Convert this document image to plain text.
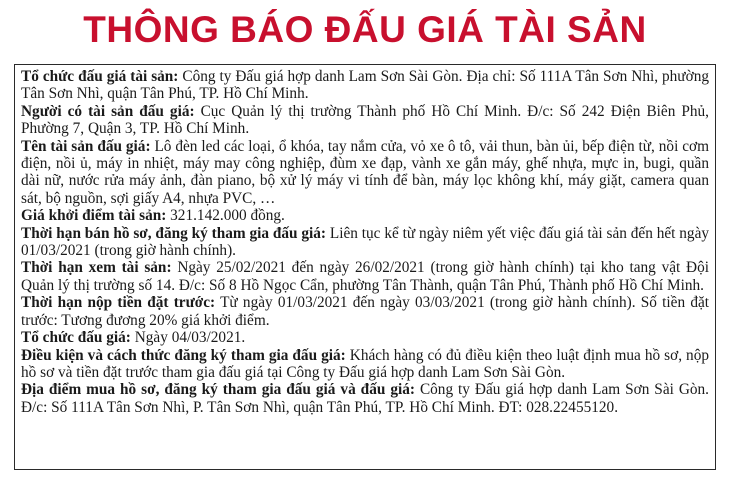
THÔNG BÁO ĐẤU GIÁ TÀI SẢN

Tổ chức đấu giá tài sản: Công ty Đấu giá hợp danh Lam Sơn Sài Gòn. Địa chỉ: Số 111A Tân Sơn Nhì, phường Tân Sơn Nhì, quận Tân Phú, TP. Hồ Chí Minh.

Người có tài sản đấu giá: Cục Quản lý thị trường Thành phố Hồ Chí Minh. Đ/c: Số 242 Điện Biên Phủ, Phường 7, Quận 3, TP. Hồ Chí Minh.

Tên tài sản đấu giá: Lô đèn led các loại, ổ khóa, tay nắm cửa, vỏ xe ô tô, vải thun, bàn ủi, bếp điện từ, nồi cơm điện, nồi ủ, máy in nhiệt, máy may công nghiệp, đùm xe đạp, vành xe gắn máy, ghế nhựa, mực in, bugi, quần dài nữ, nước rửa máy ảnh, đàn piano, bộ xử lý máy vi tính để bàn, máy lọc không khí, máy giặt, camera quan sát, bộ nguồn, sợi giấy A4, nhựa PVC, …

Giá khởi điểm tài sản: 321.142.000 đồng.

Thời hạn bán hồ sơ, đăng ký tham gia đấu giá: Liên tục kể từ ngày niêm yết việc đấu giá tài sản đến hết ngày 01/03/2021 (trong giờ hành chính).

Thời hạn xem tài sản: Ngày 25/02/2021 đến ngày 26/02/2021 (trong giờ hành chính) tại kho tang vật Đội Quản lý thị trường số 14. Đ/c: Số 8 Hồ Ngọc Cẩn, phường Tân Thành, quận Tân Phú, Thành phố Hồ Chí Minh.

Thời hạn nộp tiền đặt trước: Từ ngày 01/03/2021 đến ngày 03/03/2021 (trong giờ hành chính). Số tiền đặt trước: Tương đương 20% giá khởi điểm.

Tổ chức đấu giá: Ngày 04/03/2021.

Điều kiện và cách thức đăng ký tham gia đấu giá: Khách hàng có đủ điều kiện theo luật định mua hồ sơ, nộp hồ sơ và tiền đặt trước tham gia đấu giá tại Công ty Đấu giá hợp danh Lam Sơn Sài Gòn.

Địa điểm mua hồ sơ, đăng ký tham gia đấu giá và đấu giá: Công ty Đấu giá hợp danh Lam Sơn Sài Gòn. Đ/c: Số 111A Tân Sơn Nhì, P. Tân Sơn Nhì, quận Tân Phú, TP. Hồ Chí Minh. ĐT: 028.22455120.
